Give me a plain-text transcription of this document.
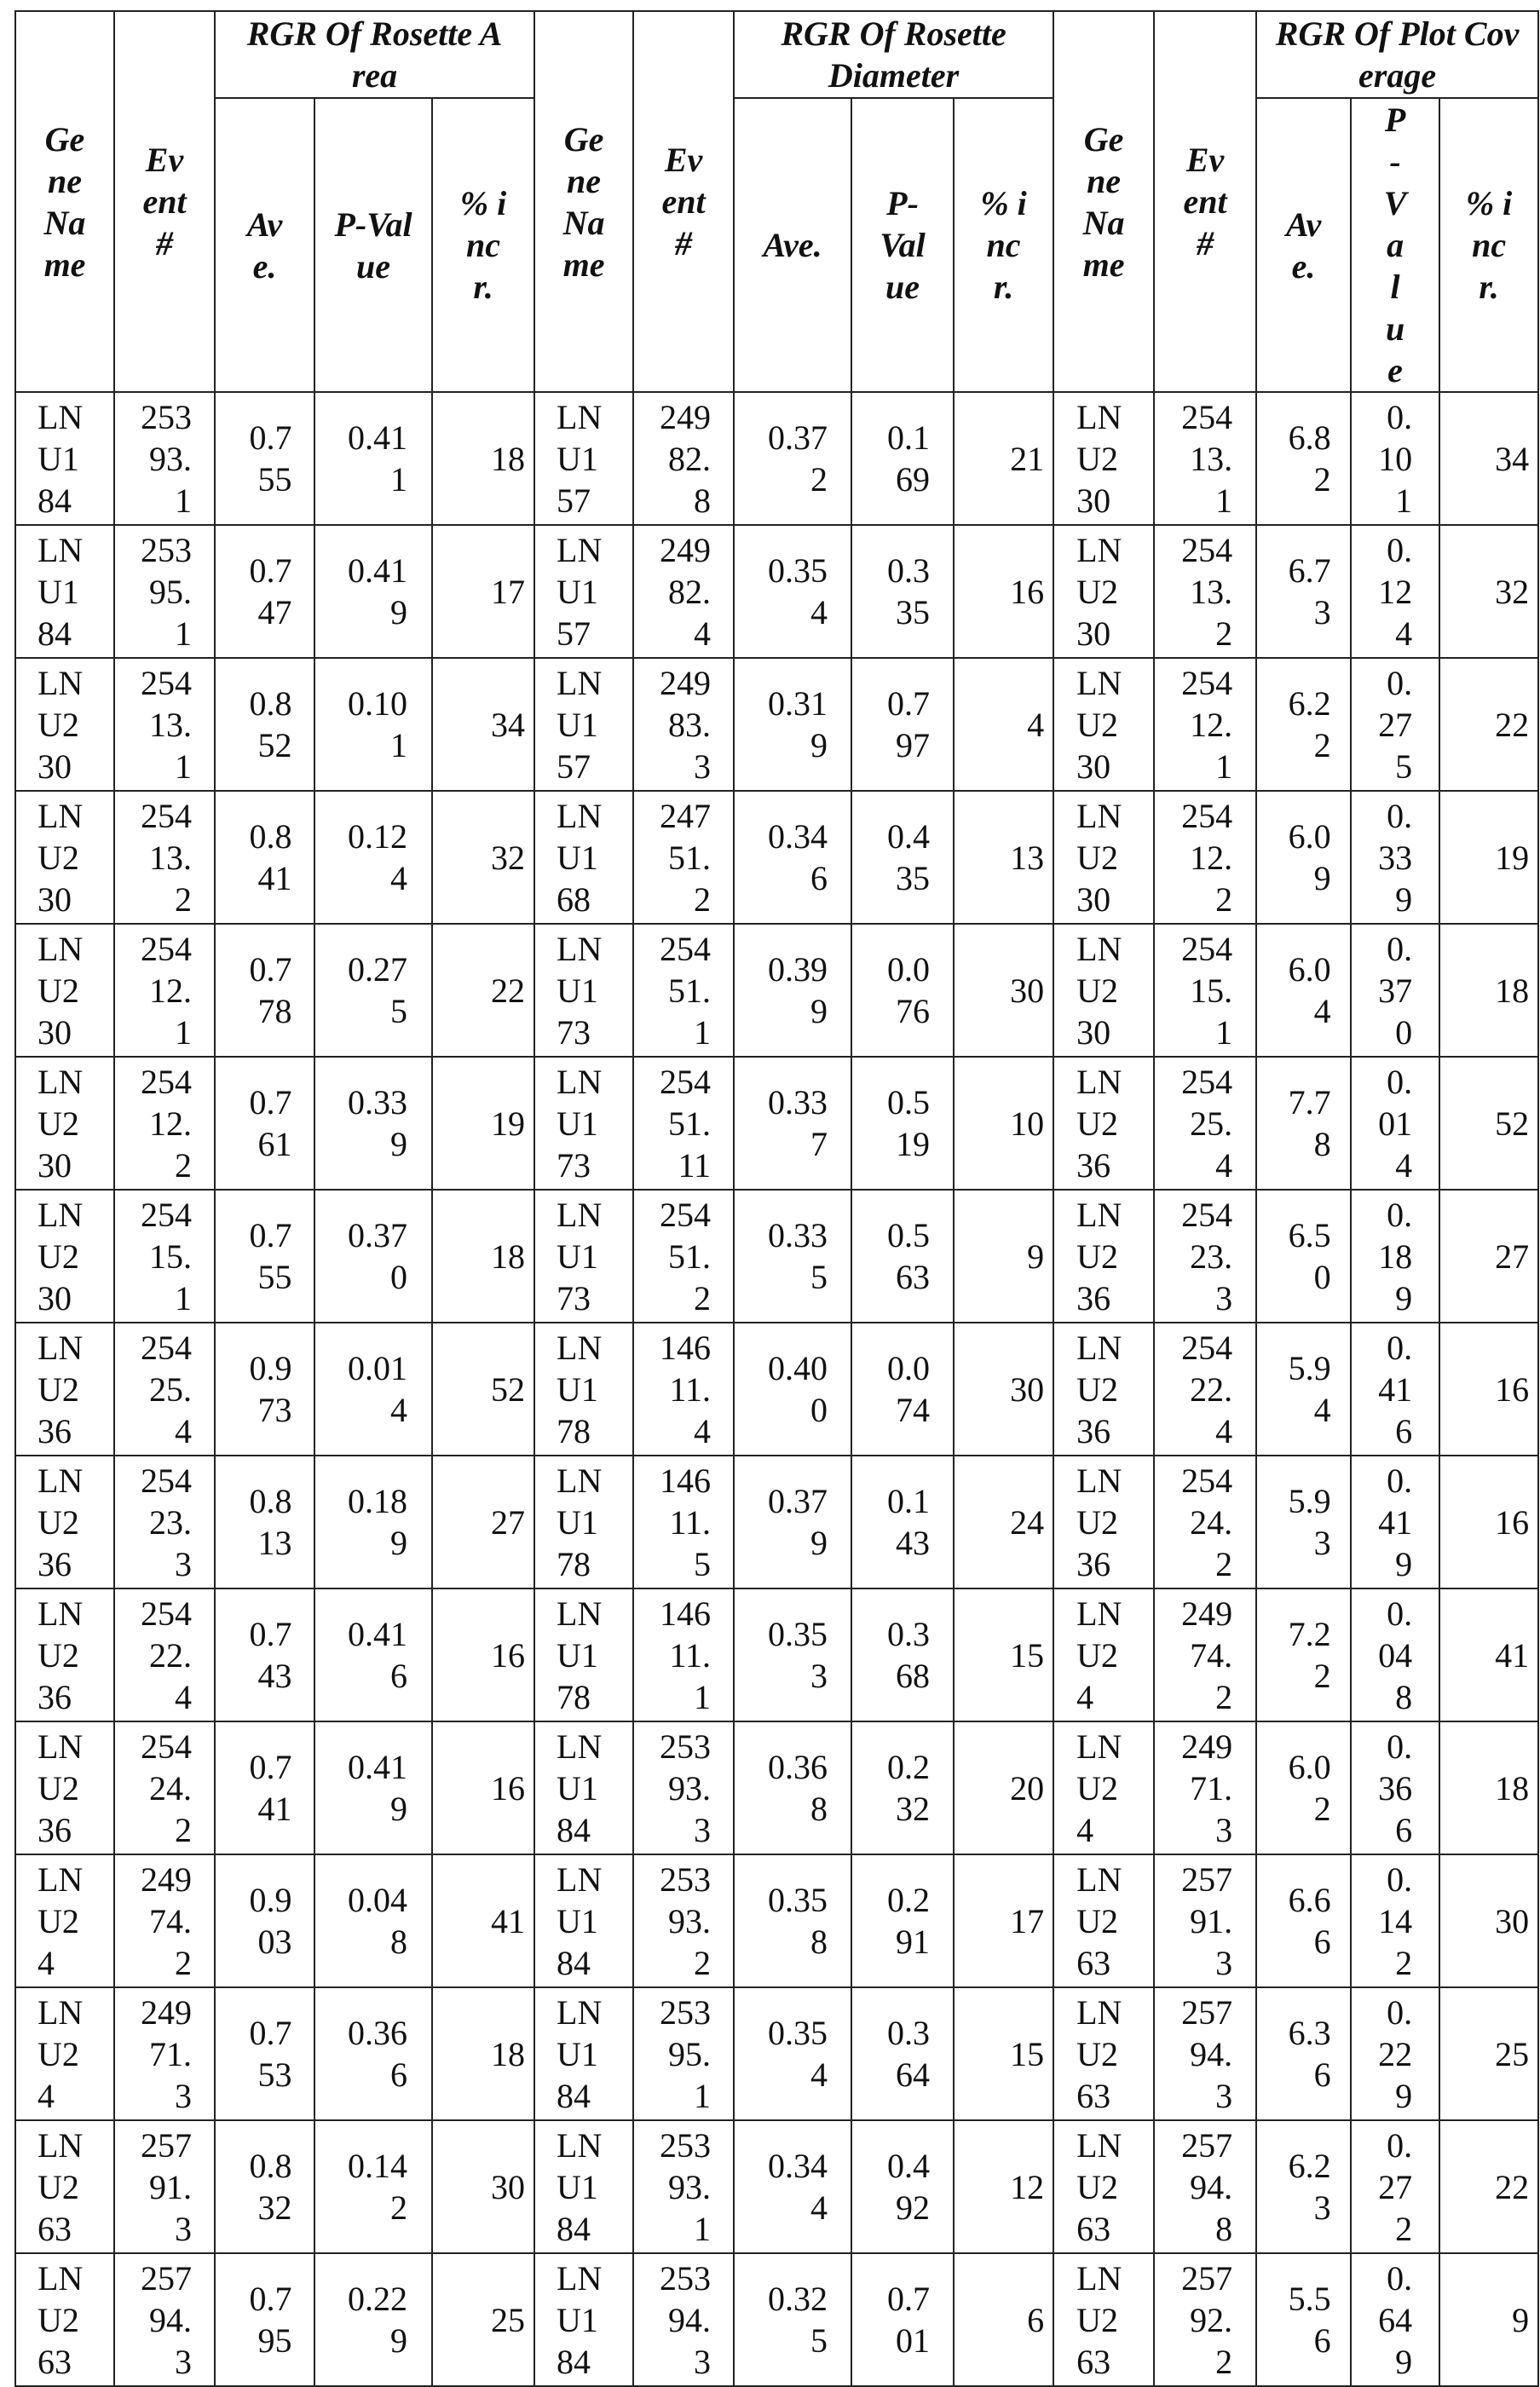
Gene Name

Event #

RGR Of Rosette Area

Gene Name

Event #

RGR Of Rosette Diameter

Gene Name

Event #

RGR Of Plot Coverage

Ave.

P-Value

% incr.

Ave.

P-Value

% incr.

Ave.

P-Value

% incr.

LNU184

25393.1

0.755

0.411

18

LNU157

24982.8

0.372

0.169

21

LNU230

25413.1

6.82

0.101

34

LNU184

25395.1

0.747

0.419

17

LNU157

24982.4

0.354

0.335

16

LNU230

25413.2

6.73

0.124

32

LNU230

25413.1

0.852

0.101

34

LNU157

24983.3

0.319

0.797

4

LNU230

25412.1

6.22

0.275

22

LNU230

25413.2

0.841

0.124

32

LNU168

24751.2

0.346

0.435

13

LNU230

25412.2

6.09

0.339

19

LNU230

25412.1

0.778

0.275

22

LNU173

25451.1

0.399

0.076

30

LNU230

25415.1

6.04

0.370

18

LNU230

25412.2

0.761

0.339

19

LNU173

25451.11

0.337

0.519

10

LNU236

25425.4

7.78

0.014

52

LNU230

25415.1

0.755

0.370

18

LNU173

25451.2

0.335

0.563

9

LNU236

25423.3

6.50

0.189

27

LNU236

25425.4

0.973

0.014

52

LNU178

14611.4

0.400

0.074

30

LNU236

25422.4

5.94

0.416

16

LNU236

25423.3

0.813

0.189

27

LNU178

14611.5

0.379

0.143

24

LNU236

25424.2

5.93

0.419

16

LNU236

25422.4

0.743

0.416

16

LNU178

14611.1

0.353

0.368

15

LNU24

24974.2

7.22

0.048

41

LNU236

25424.2

0.741

0.419

16

LNU184

25393.3

0.368

0.232

20

LNU24

24971.3

6.02

0.366

18

LNU24

24974.2

0.903

0.048

41

LNU184

25393.2

0.358

0.291

17

LNU263

25791.3

6.66

0.142

30

LNU24

24971.3

0.753

0.366

18

LNU184

25395.1

0.354

0.364

15

LNU263

25794.3

6.36

0.229

25

LNU263

25791.3

0.832

0.142

30

LNU184

25393.1

0.344

0.492

12

LNU263

25794.8

6.23

0.272

22

LNU263

25794.3

0.795

0.229

25

LNU184

25394.3

0.325

0.701

6

LNU263

25792.2

5.56

0.649

9
